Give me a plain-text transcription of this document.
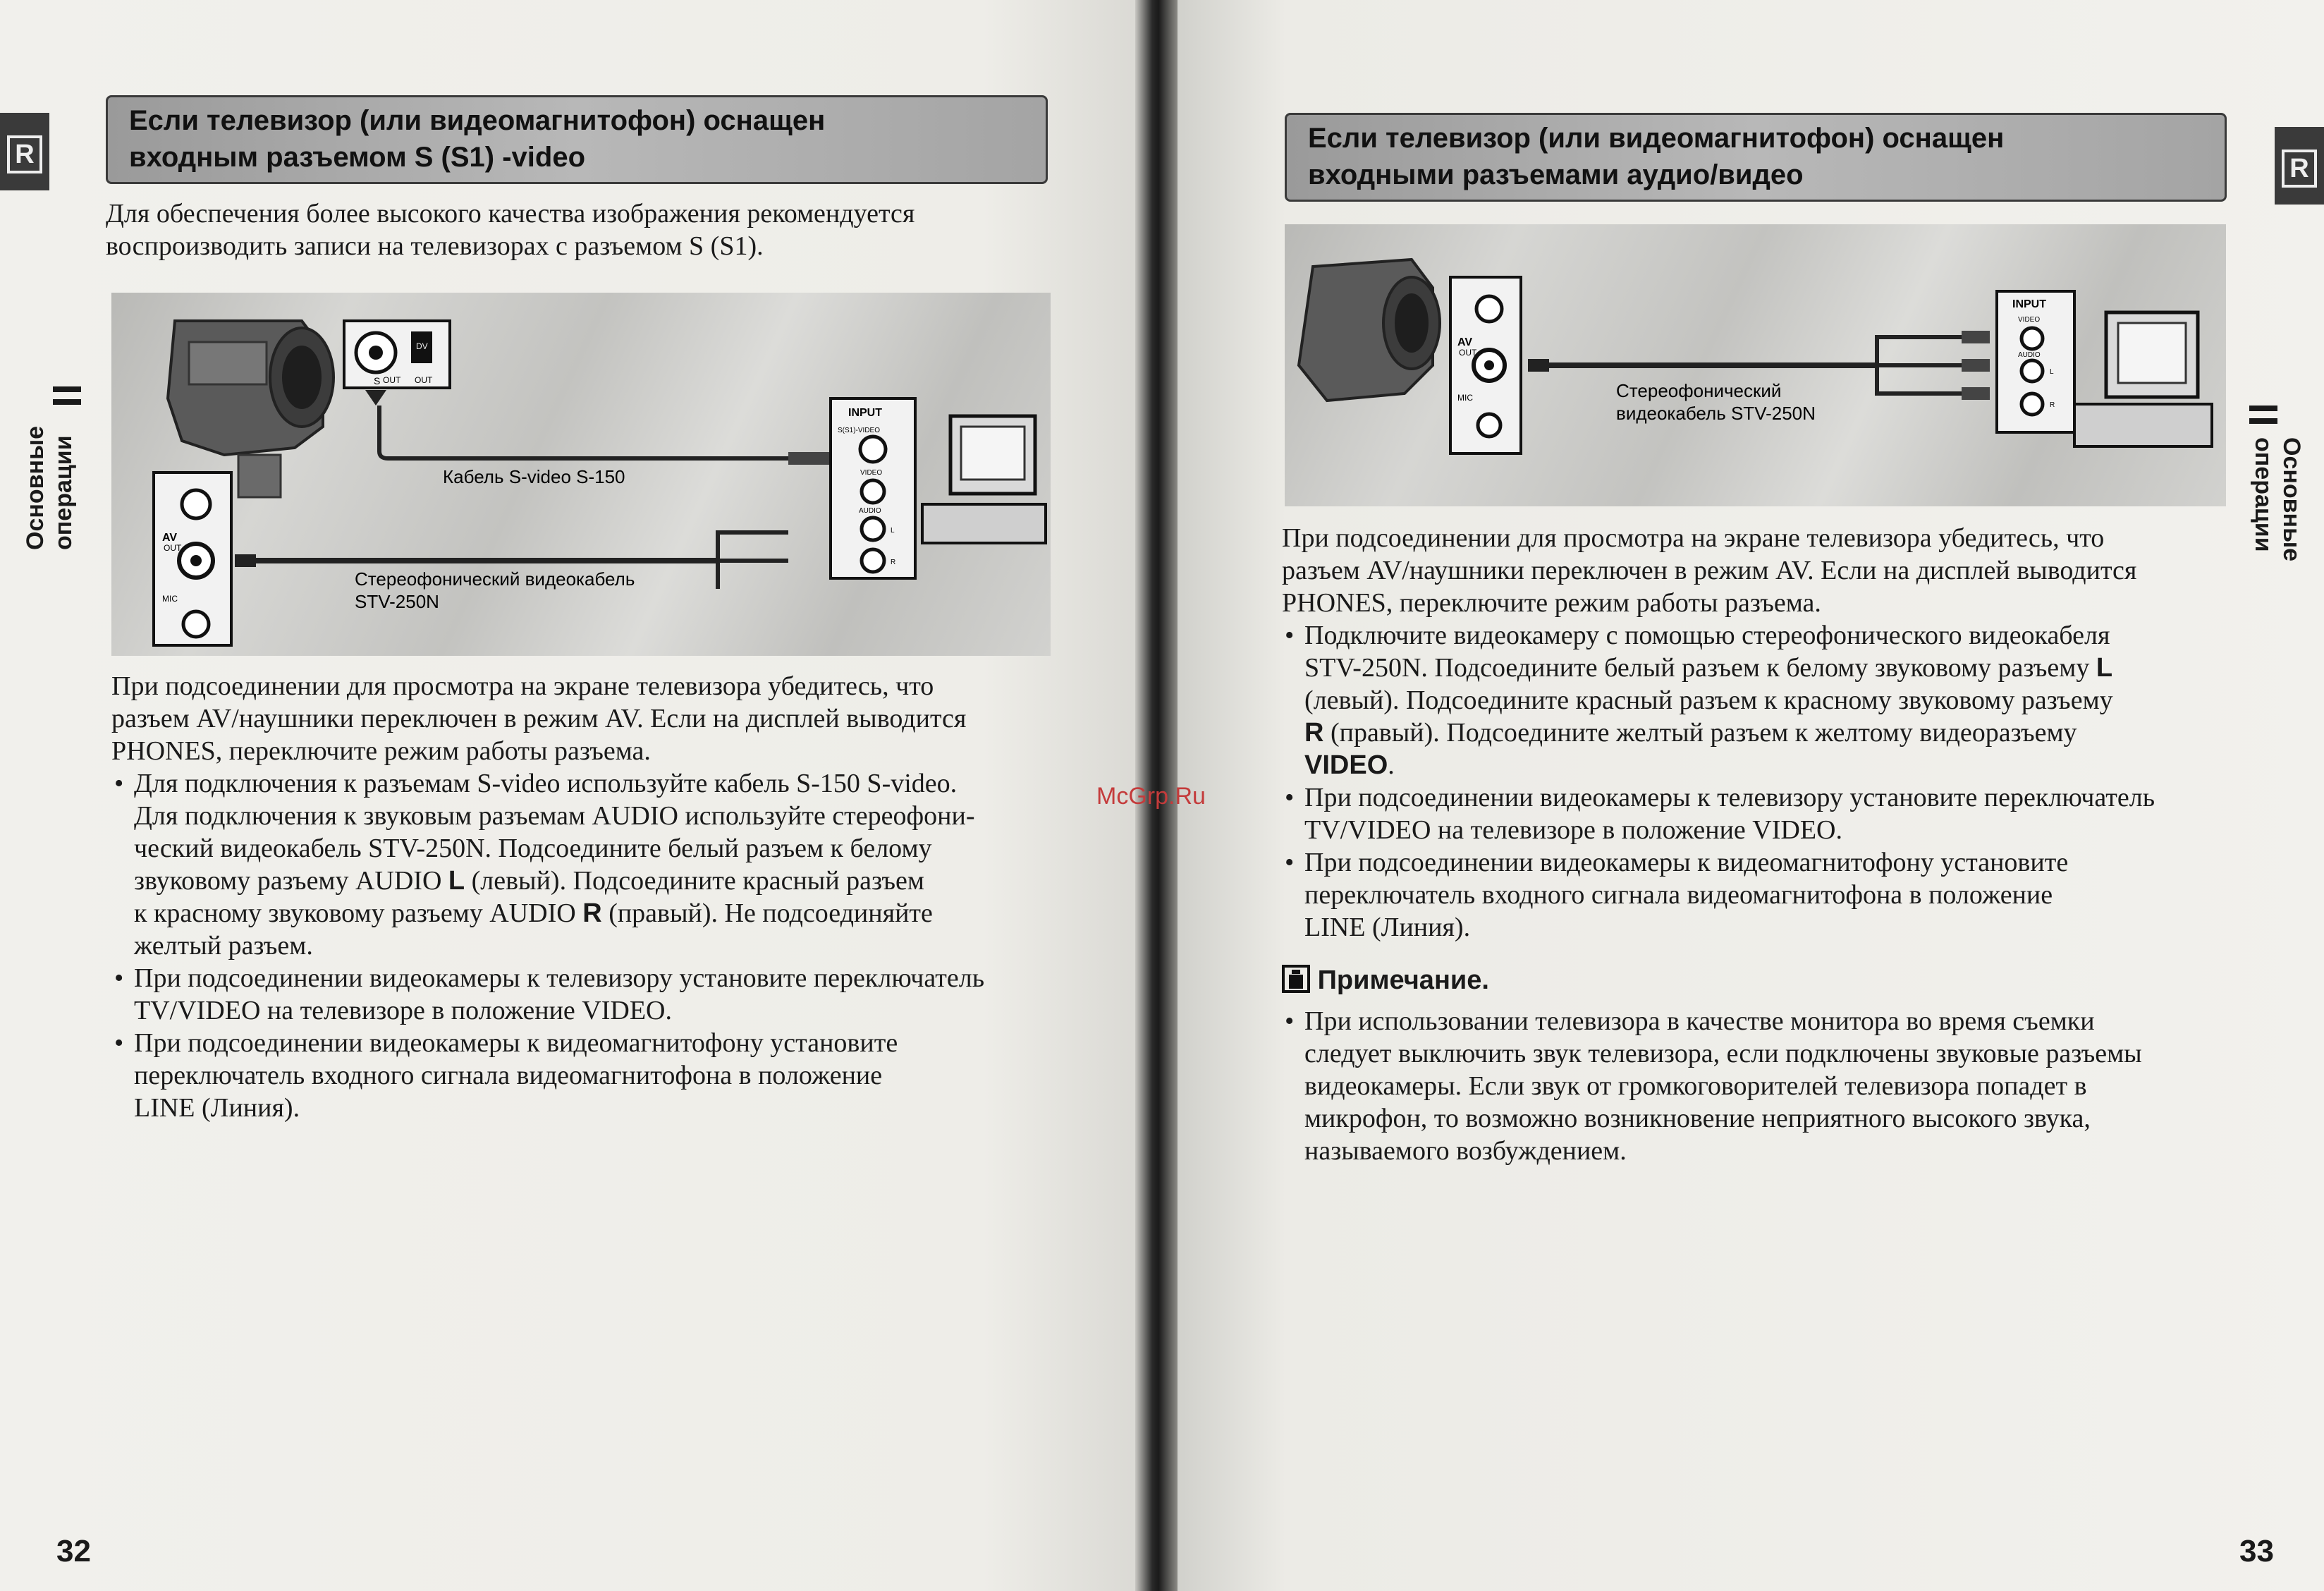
R
Основные операции
Если телевизор (или видеомагнитофон) оснащен
входным разъемом S (S1) -video

Для обеспечения более высокого качества изображения рекомендуется

воспроизводить записи на телевизорах с разъемом S (S1).

S
DV
OUT OUT
AV
OUT
MIC
INPUT
S(S1)-VIDEO
VIDEO
AUDIO
L
R
Кабель S-video S-150
Стереофонический видеокабель
STV-250N

При подсоединении для просмотра на экране телевизора убедитесь, что

разъем AV/наушники переключен в режим AV. Если на дисплей выводится

PHONES, переключите режим работы разъема.

• Для подключения к разъемам S-video используйте кабель S-150 S-video.
Для подключения к звуковым разъемам AUDIO используйте стереофони-
ческий видеокабель STV-250N. Подсоедините белый разъем к белому
звуковому разъему AUDIO L (левый). Подсоедините красный разъем
к красному звуковому разъему AUDIO R (правый). Не подсоединяйте
желтый разъем.
• При подсоединении видеокамеры к телевизору установите переключатель
TV/VIDEO на телевизоре в положение VIDEO.
• При подсоединении видеокамеры к видеомагнитофону установите
переключатель входного сигнала видеомагнитофона в положение
LINE (Линия).
32
McGrp.Ru
Если телевизор (или видеомагнитофон) оснащен
входными разъемами аудио/видео	R
Основные
операции
AV
OUT
MIC
INPUT
VIDEO
AUDIO
L
R
Стереофонический
видеокабель STV-250N

При подсоединении для просмотра на экране телевизора убедитесь, что

разъем AV/наушники переключен в режим AV. Если на дисплей выводится

PHONES, переключите режим работы разъема.

• Подключите видеокамеру с помощью стереофонического видеокабеля
STV-250N. Подсоедините белый разъем к белому звуковому разъему L
(левый). Подсоедините красный разъем к красному звуковому разъему
R (правый). Подсоедините желтый разъем к желтому видеоразъему
VIDEO.
• При подсоединении видеокамеры к телевизору установите переключатель
TV/VIDEO на телевизоре в положение VIDEO.
• При подсоединении видеокамеры к видеомагнитофону установите
переключатель входного сигнала видеомагнитофона в положение
LINE (Линия).
Примечание.
• При использовании телевизора в качестве монитора во время съемки
следует выключить звук телевизора, если подключены звуковые разъемы
видеокамеры. Если звук от громкоговорителей телевизора попадет в
микрофон, то возможно возникновение неприятного высокого звука,
называемого возбуждением.
33
